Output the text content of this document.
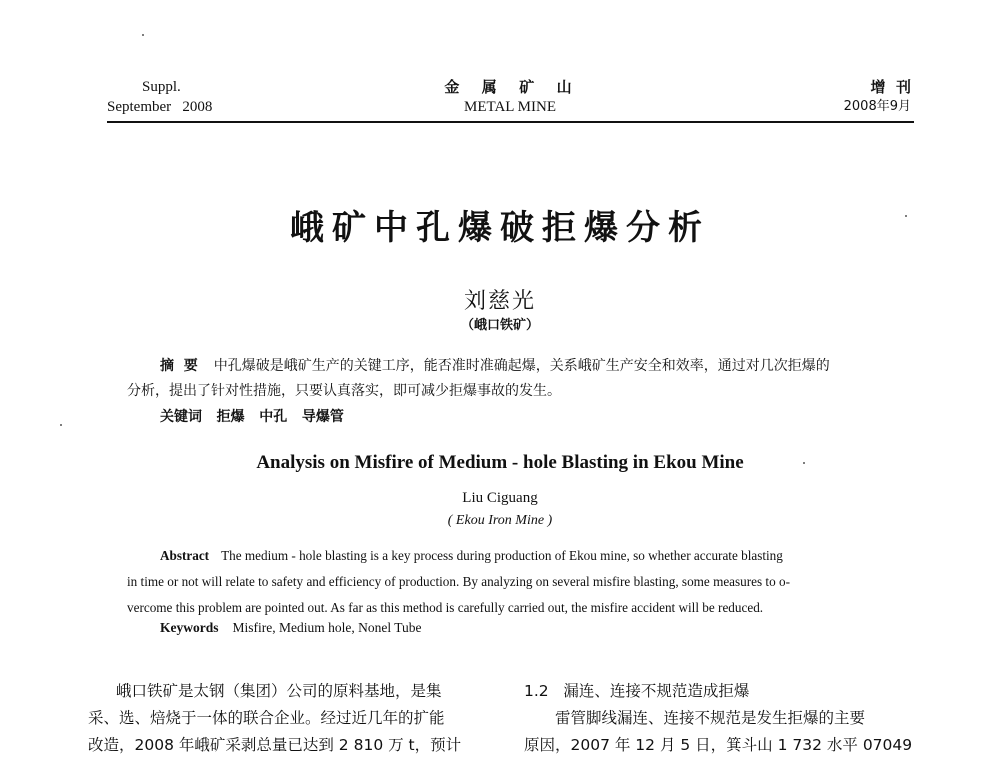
Suppl.
September   2008
金  属  矿  山
METAL MINE
增  刊
2008年9月
峨矿中孔爆破拒爆分析
刘慈光
（峨口铁矿）
摘  要 中孔爆破是峨矿生产的关键工序，能否准时准确起爆，关系峨矿生产安全和效率，通过对几次拒爆的
分析，提出了针对性措施，只要认真落实，即可减少拒爆事故的发生。
关键词   拒爆   中孔   导爆管
Analysis on Misfire of Medium - hole Blasting in Ekou Mine
Liu Ciguang
( Ekou Iron Mine )
Abstract The medium - hole blasting is a key process during production of Ekou mine, so whether accurate blasting
in time or not will relate to safety and efficiency of production. By analyzing on several misfire blasting, some measures to o-
vercome this problem are pointed out. As far as this method is carefully carried out, the misfire accident will be reduced.
Keywords Misfire, Medium hole, Nonel Tube
峨口铁矿是太钢（集团）公司的原料基地，是集
采、选、焙烧于一体的联合企业。经过近几年的扩能
改造，2008 年峨矿采剥总量已达到 2 810 万 t，预计
1.2   漏连、连接不规范造成拒爆
雷管脚线漏连、连接不规范是发生拒爆的主要
原因，2007 年 12 月 5 日，箕斗山 1 732 水平 07049
